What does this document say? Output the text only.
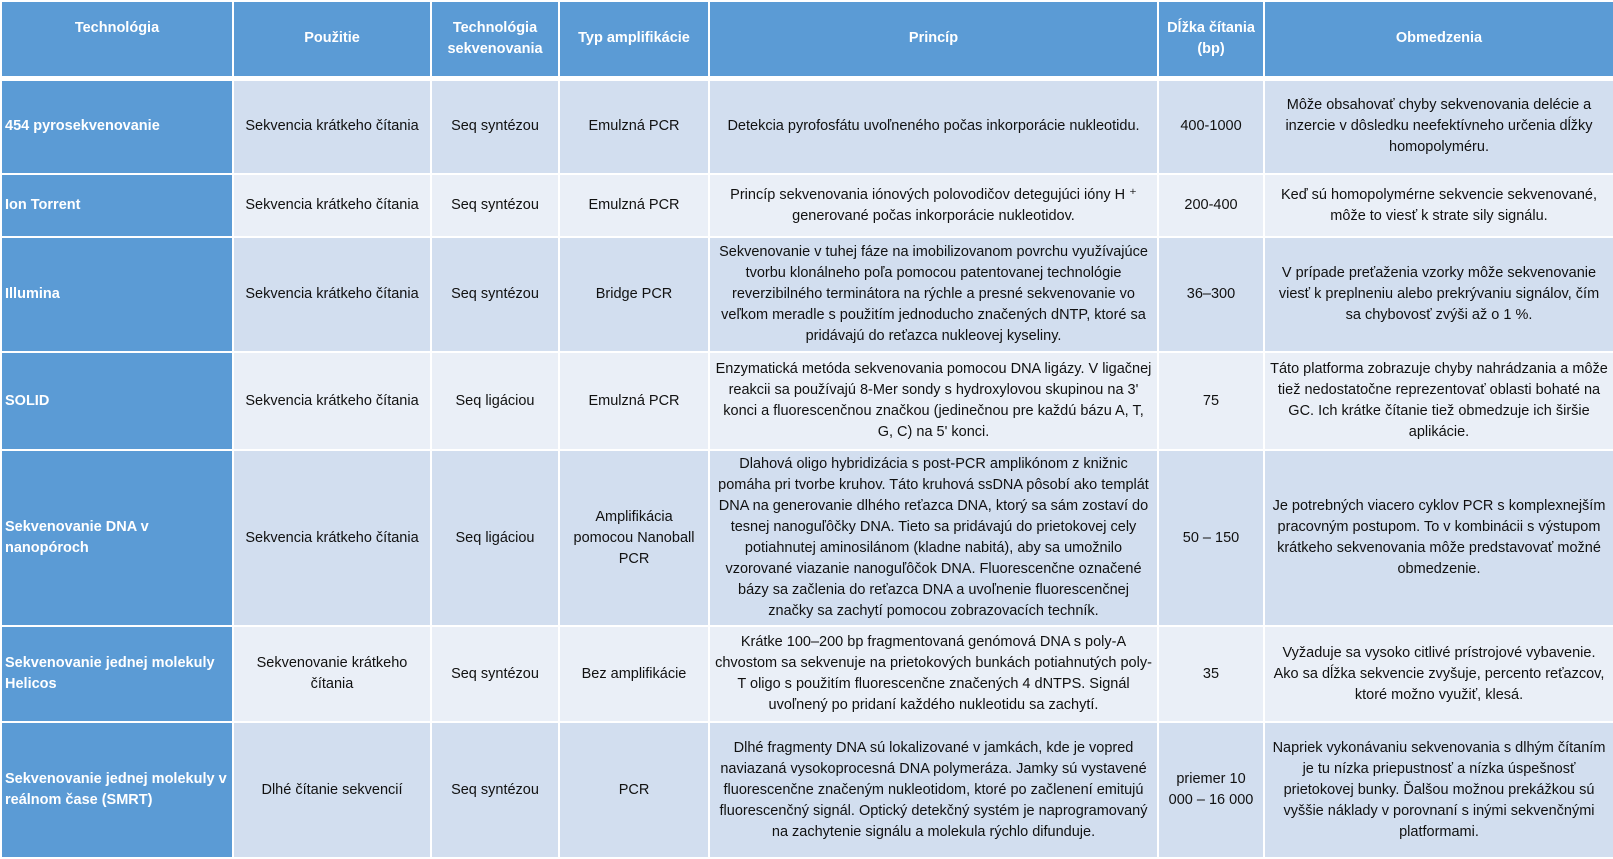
Technológia	Použitie	Technológia sekvenovania	Typ amplifikácie	Princíp	Dĺžka čítania (bp)	Obmedzenia
454 pyrosekvenovanie	Sekvencia krátkeho čítania	Seq syntézou	Emulzná PCR	Detekcia pyrofosfátu uvoľneného počas inkorporácie nukleotidu.	400-1000	Môže obsahovať chyby sekvenovania delécie a inzercie v dôsledku neefektívneho určenia dĺžky homopolyméru.
Ion Torrent	Sekvencia krátkeho čítania	Seq syntézou	Emulzná PCR	Princíp sekvenovania iónových polovodičov detegujúci ióny H ⁺ generované počas inkorporácie nukleotidov.	200-400	Keď sú homopolymérne sekvencie sekvenované, môže to viesť k strate sily signálu.
Illumina	Sekvencia krátkeho čítania	Seq syntézou	Bridge PCR	Sekvenovanie v tuhej fáze na imobilizovanom povrchu využívajúce tvorbu klonálneho poľa pomocou patentovanej technológie reverzibilného terminátora na rýchle a presné sekvenovanie vo veľkom meradle s použitím jednoducho značených dNTP, ktoré sa pridávajú do reťazca nukleovej kyseliny.	36–300	V prípade preťaženia vzorky môže sekvenovanie viesť k preplneniu alebo prekrývaniu signálov, čím sa chybovosť zvýši až o 1 %.
SOLID	Sekvencia krátkeho čítania	Seq ligáciou	Emulzná PCR	Enzymatická metóda sekvenovania pomocou DNA ligázy. V ligačnej reakcii sa používajú 8-Mer sondy s hydroxylovou skupinou na 3' konci a fluorescenčnou značkou (jedinečnou pre každú bázu A, T, G, C) na 5' konci.	75	Táto platforma zobrazuje chyby nahrádzania a môže tiež nedostatočne reprezentovať oblasti bohaté na GC. Ich krátke čítanie tiež obmedzuje ich širšie aplikácie.
Sekvenovanie DNA v nanopóroch	Sekvencia krátkeho čítania	Seq ligáciou	Amplifikácia pomocou Nanoball PCR	Dlahová oligo hybridizácia s post-PCR amplikónom z knižnic pomáha pri tvorbe kruhov. Táto kruhová ssDNA pôsobí ako templát DNA na generovanie dlhého reťazca DNA, ktorý sa sám zostaví do tesnej nanoguľôčky DNA. Tieto sa pridávajú do prietokovej cely potiahnutej aminosilánom (kladne nabitá), aby sa umožnilo vzorované viazanie nanoguľôčok DNA. Fluorescenčne označené bázy sa začlenia do reťazca DNA a uvoľnenie fluorescenčnej značky sa zachytí pomocou zobrazovacích techník.	50 – 150	Je potrebných viacero cyklov PCR s komplexnejším pracovným postupom. To v kombinácii s výstupom krátkeho sekvenovania môže predstavovať možné obmedzenie.
Sekvenovanie jednej molekuly Helicos	Sekvenovanie krátkeho čítania	Seq syntézou	Bez amplifikácie	Krátke 100–200 bp fragmentovaná genómová DNA s poly-A chvostom sa sekvenuje na prietokových bunkách potiahnutých poly-T oligo s použitím fluorescenčne značených 4 dNTPS. Signál uvoľnený po pridaní každého nukleotidu sa zachytí.	35	Vyžaduje sa vysoko citlivé prístrojové vybavenie. Ako sa dĺžka sekvencie zvyšuje, percento reťazcov, ktoré možno využiť, klesá.
Sekvenovanie jednej molekuly v reálnom čase (SMRT)	Dlhé čítanie sekvencií	Seq syntézou	PCR	Dlhé fragmenty DNA sú lokalizované v jamkách, kde je vopred naviazaná vysokoprocesná DNA polymeráza. Jamky sú vystavené fluorescenčne značeným nukleotidom, ktoré po začlenení emitujú fluorescenčný signál. Optický detekčný systém je naprogramovaný na zachytenie signálu a molekula rýchlo difunduje.	priemer 10 000 – 16 000	Napriek vykonávaniu sekvenovania s dlhým čítaním je tu nízka priepustnosť a nízka úspešnosť prietokovej bunky. Ďalšou možnou prekážkou sú vyššie náklady v porovnaní s inými sekvenčnými platformami.
